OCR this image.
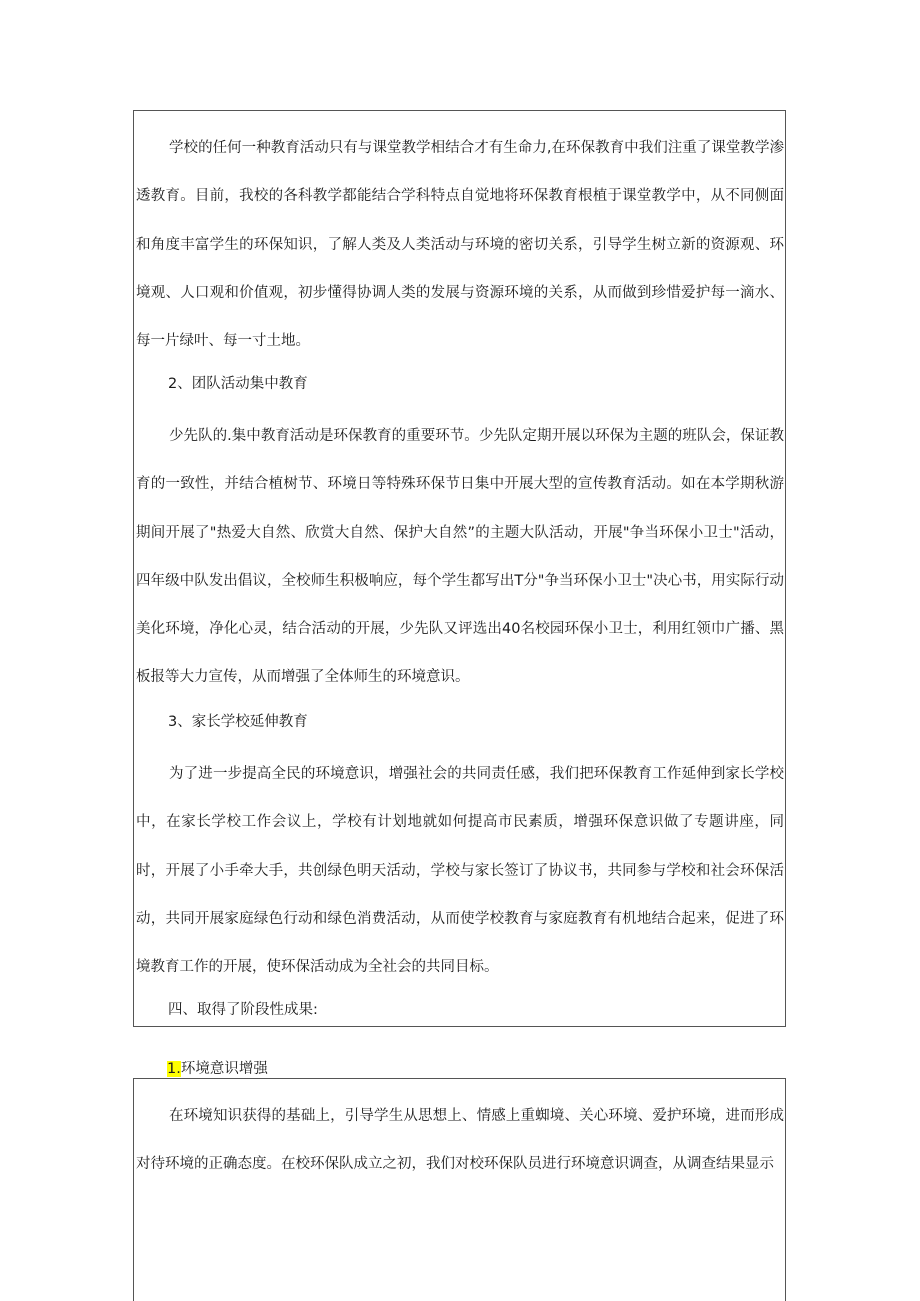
学校的任何一种教育活动只有与课堂教学相结合才有生命力,在环保教育中我们注重了课堂教学渗透教育。目前，我校的各科教学都能结合学科特点自觉地将环保教育根植于课堂教学中，从不同侧面和角度丰富学生的环保知识，了解人类及人类活动与环境的密切关系，引导学生树立新的资源观、环境观、人口观和价值观，初步懂得协调人类的发展与资源环境的关系，从而做到珍惜爱护每一滴水、每一片绿叶、每一寸土地。

2、团队活动集中教育

少先队的.集中教育活动是环保教育的重要环节。少先队定期开展以环保为主题的班队会，保证教育的一致性，并结合植树节、环境日等特殊环保节日集中开展大型的宣传教育活动。如在本学期秋游期间开展了"热爱大自然、欣赏大自然、保护大自然”的主题大队活动，开展"争当环保小卫士"活动，四年级中队发出倡议，全校师生积极响应，每个学生都写出T分"争当环保小卫士"决心书，用实际行动美化环境，净化心灵，结合活动的开展，少先队又评选出40名校园环保小卫士，利用红领巾广播、黑板报等大力宣传，从而增强了全体师生的环境意识。

3、家长学校延伸教育

为了进一步提高全民的环境意识，增强社会的共同责任感，我们把环保教育工作延伸到家长学校中，在家长学校工作会议上，学校有计划地就如何提高市民素质，增强环保意识做了专题讲座，同时，开展了小手牵大手，共创绿色明天活动，学校与家长签订了协议书，共同参与学校和社会环保活动，共同开展家庭绿色行动和绿色消费活动，从而使学校教育与家庭教育有机地结合起来，促进了环境教育工作的开展，使环保活动成为全社会的共同目标。

四、取得了阶段性成果:

1.环境意识增强

在环境知识获得的基础上，引导学生从思想上、情感上重蜘境、关心环境、爱护环境，进而形成对待环境的正确态度。在校环保队成立之初，我们对校环保队员进行环境意识调查，从调查结果显示
